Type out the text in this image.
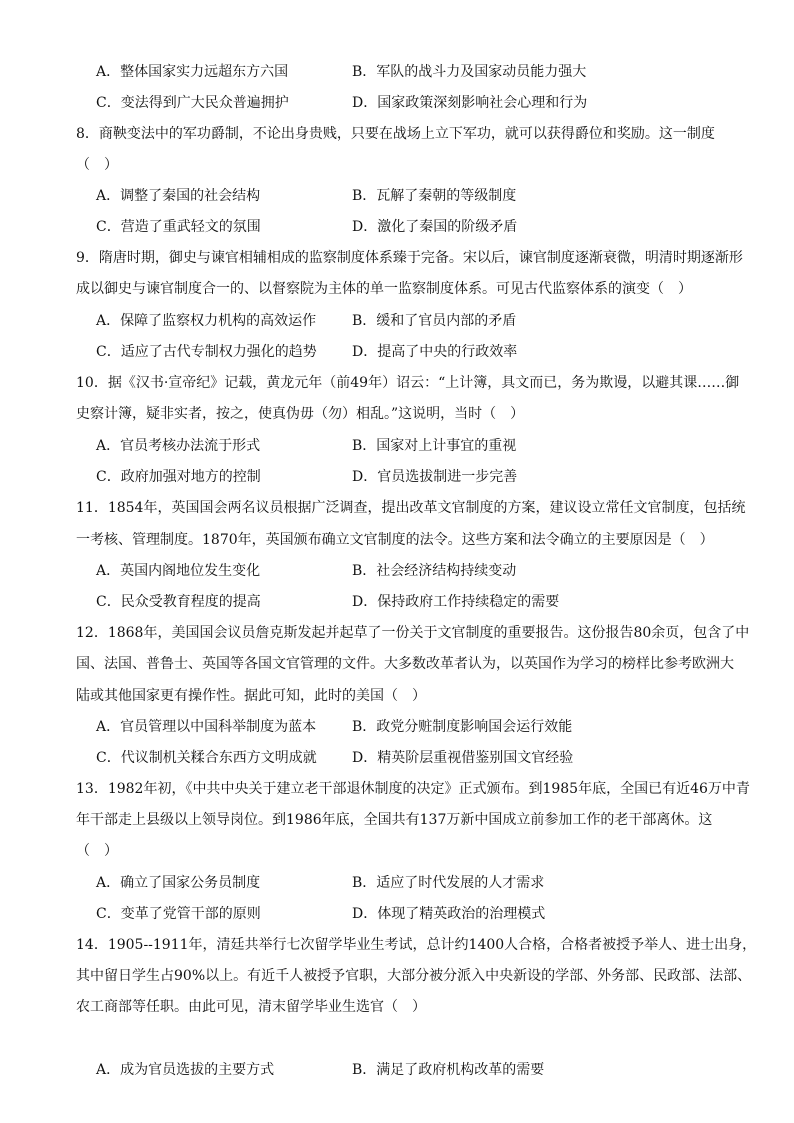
A．整体国家实力远超东方六国	B．军队的战斗力及国家动员能力强大
C．变法得到广大民众普遍拥护	D．国家政策深刻影响社会心理和行为
8．商鞅变法中的军功爵制，不论出身贵贱，只要在战场上立下军功，就可以获得爵位和奖励。这一制度
（　）
A．调整了秦国的社会结构	B．瓦解了秦朝的等级制度
C．营造了重武轻文的氛围	D．激化了秦国的阶级矛盾
9．隋唐时期，御史与谏官相辅相成的监察制度体系臻于完备。宋以后，谏官制度逐渐衰微，明清时期逐渐形
成以御史与谏官制度合一的、以督察院为主体的单一监察制度体系。可见古代监察体系的演变（　）
A．保障了监察权力机构的高效运作	B．缓和了官员内部的矛盾
C．适应了古代专制权力强化的趋势	D．提高了中央的行政效率
10．据《汉书·宣帝纪》记载，黄龙元年（前49年）诏云：“上计簿，具文而已，务为欺谩，以避其课……御
史察计簿，疑非实者，按之，使真伪毋（勿）相乱。”这说明，当时（　）
A．官员考核办法流于形式	B．国家对上计事宜的重视
C．政府加强对地方的控制	D．官员选拔制进一步完善
11．1854年，英国国会两名议员根据广泛调查，提出改革文官制度的方案，建议设立常任文官制度，包括统
一考核、管理制度。1870年，英国颁布确立文官制度的法令。这些方案和法令确立的主要原因是（　）
A．英国内阁地位发生变化	B．社会经济结构持续变动
C．民众受教育程度的提高	D．保持政府工作持续稳定的需要
12．1868年，美国国会议员詹克斯发起并起草了一份关于文官制度的重要报告。这份报告80余页，包含了中
国、法国、普鲁士、英国等各国文官管理的文件。大多数改革者认为，以英国作为学习的榜样比参考欧洲大
陆或其他国家更有操作性。据此可知，此时的美国（　）
A．官员管理以中国科举制度为蓝本	B．政党分赃制度影响国会运行效能
C．代议制机关糅合东西方文明成就	D．精英阶层重视借鉴别国文官经验
13．1982年初，《中共中央关于建立老干部退休制度的决定》正式颁布。到1985年底，全国已有近46万中青
年干部走上县级以上领导岗位。到1986年底，全国共有137万新中国成立前参加工作的老干部离休。这
（　）
A．确立了国家公务员制度	B．适应了时代发展的人才需求
C．变革了党管干部的原则	D．体现了精英政治的治理模式
14．1905--1911年，清廷共举行七次留学毕业生考试，总计约1400人合格，合格者被授予举人、进士出身，
其中留日学生占90%以上。有近千人被授予官职，大部分被分派入中央新设的学部、外务部、民政部、法部、
农工商部等任职。由此可见，清末留学毕业生选官（　）
A．成为官员选拔的主要方式	B．满足了政府机构改革的需要
